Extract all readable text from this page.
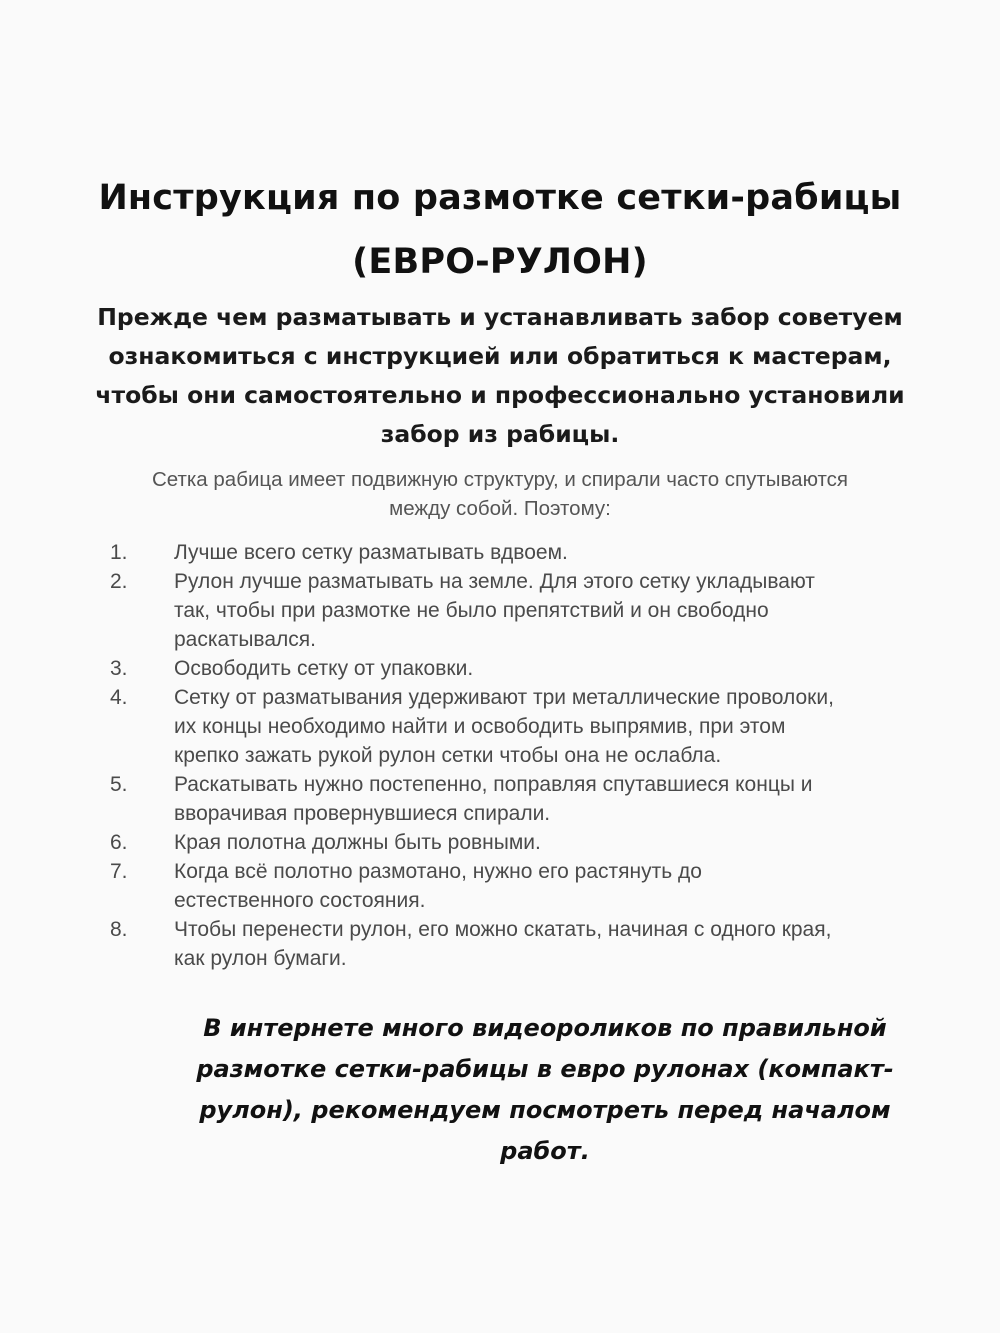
Инструкция по размотке сетки-рабицы
(ЕВРО-РУЛОН)
Прежде чем разматывать и устанавливать забор советуем
ознакомиться с инструкцией или обратиться к мастерам,
чтобы они самостоятельно и профессионально установили
забор из рабицы.
Сетка рабица имеет подвижную структуру, и спирали часто спутываются
между собой. Поэтому:
1.	Лучше всего сетку разматывать вдвоем.
2.	Рулон лучше разматывать на земле. Для этого сетку укладывают
так, чтобы при размотке не было препятствий и он свободно
раскатывался.
3.	Освободить сетку от упаковки.
4.	Сетку от разматывания удерживают три металлические проволоки,
их концы необходимо найти и освободить выпрямив, при этом
крепко зажать рукой рулон сетки чтобы она не ослабла.
5.	Раскатывать нужно постепенно, поправляя спутавшиеся концы и
вворачивая провернувшиеся спирали.
6.	Края полотна должны быть ровными.
7.	Когда всё полотно размотано, нужно его растянуть до
естественного состояния.
8.	Чтобы перенести рулон, его можно скатать, начиная с одного края,
как рулон бумаги.
В интернете много видеороликов по правильной
размотке сетки-рабицы в евро рулонах (компакт-
рулон), рекомендуем посмотреть перед началом
работ.
